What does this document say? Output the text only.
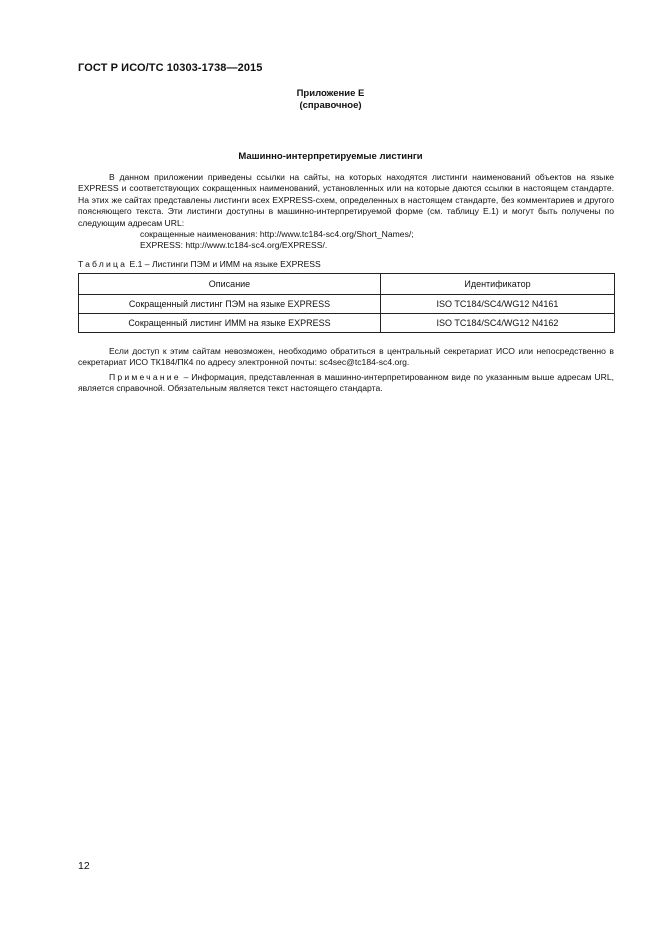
ГОСТ Р ИСО/ТС 10303-1738—2015
Приложение Е
(справочное)
Машинно-интерпретируемые листинги

В данном приложении приведены ссылки на сайты, на которых находятся листинги наименований объектов на языке EXPRESS и соответствующих сокращенных наименований, установленных или на которые даются ссылки в настоящем стандарте. На этих же сайтах представлены листинги всех EXPRESS-схем, определенных в настоящем стандарте, без комментариев и другого поясняющего текста. Эти листинги доступны в машинно-интерпретируемой форме (см. таблицу Е.1) и могут быть получены по следующим адресам URL:

сокращенные наименования: http://www.tc184-sc4.org/Short_Names/;

EXPRESS: http://www.tc184-sc4.org/EXPRESS/.

Таблица Е.1 – Листинги ПЭМ и ИММ на языке EXPRESS
Описание	Идентификатор
Сокращенный листинг ПЭМ на языке EXPRESS	ISO TC184/SC4/WG12 N4161
Сокращенный листинг ИММ на языке EXPRESS	ISO TC184/SC4/WG12 N4162

Если доступ к этим сайтам невозможен, необходимо обратиться в центральный секретариат ИСО или непосредственно в секретариат ИСО ТК184/ПК4 по адресу электронной почты: sc4sec@tc184-sc4.org.

Примечание – Информация, представленная в машинно-интерпретированном виде по указанным выше адресам URL, является справочной. Обязательным является текст настоящего стандарта.

12
